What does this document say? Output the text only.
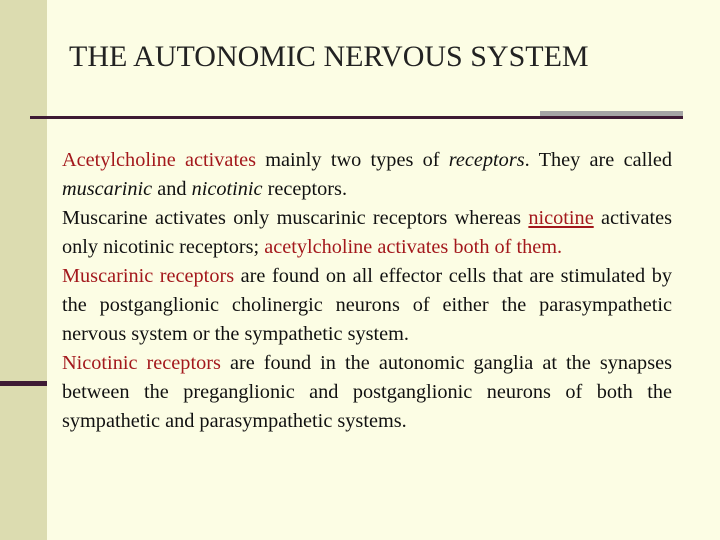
THE AUTONOMIC NERVOUS SYSTEM

Acetylcholine activates mainly two types of receptors. They are called muscarinic and nicotinic receptors.

Muscarine activates only muscarinic receptors whereas nicotine activates only nicotinic receptors; acetylcholine activates both of them.

Muscarinic receptors are found on all effector cells that are stimulated by the postganglionic cholinergic neurons of either the parasympathetic nervous system or the sympathetic system.

Nicotinic receptors are found in the autonomic ganglia at the synapses between the preganglionic and postganglionic neurons of both the sympathetic and parasympathetic systems.
